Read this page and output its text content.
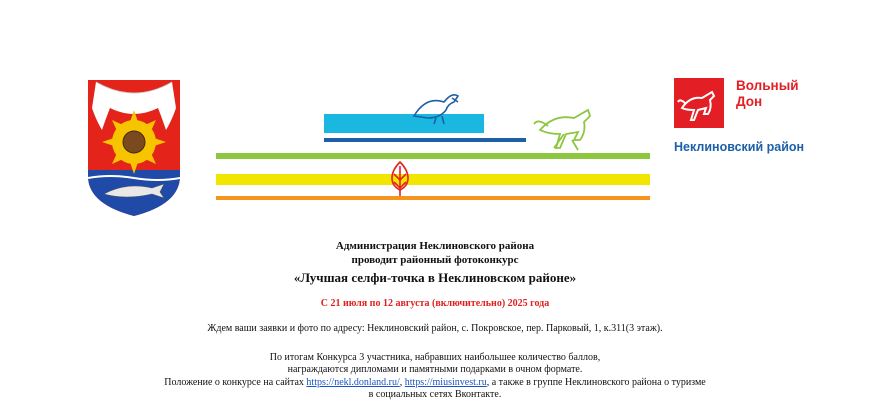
Вольный
Дон
Неклиновский район
Администрация Неклиновского района
проводит районный фотоконкурс
«Лучшая селфи-точка в Неклиновском районе»
С 21 июля по 12 августа (включительно) 2025 года
Ждем ваши заявки и фото по адресу: Неклиновский район, с. Покровское, пер. Парковый, 1, к.311(3 этаж).
По итогам Конкурса 3 участника, набравших наибольшее количество баллов,
награждаются дипломами и памятными подарками в очном формате.
Положение о конкурсе на сайтах https://nekl.donland.ru/, https://miusinvest.ru, а также в группе Неклиновского района о туризме
в социальных сетях Вконтакте.
